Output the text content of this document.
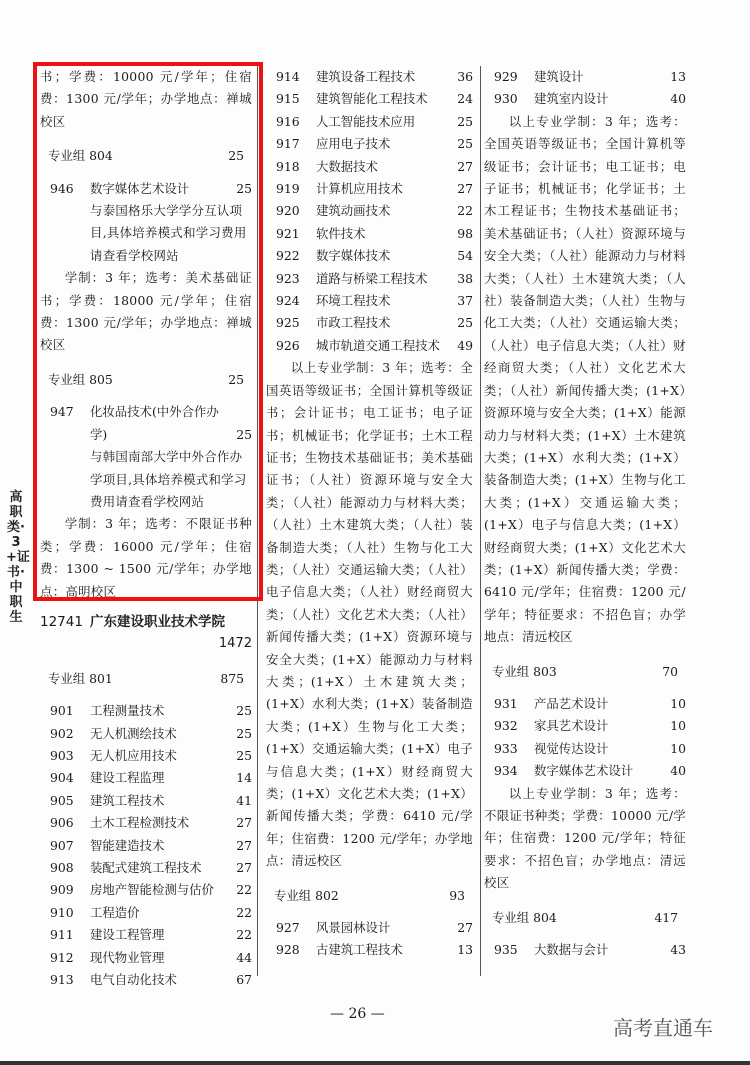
高职类·3+证书·中职生
书；学费：10000 元/学年；住宿费：1300 元/学年；办学地点：禅城校区
专业组 804	25
946	数字媒体艺术设计	25
与泰国格乐大学学分互认项目,具体培养模式和学习费用请查看学校网站
学制：3 年；选考：美术基础证书；学费：18000 元/学年；住宿费：1300 元/学年；办学地点：禅城校区
专业组 805	25
947	化妆品技术(中外合作办学)	25
与韩国南部大学中外合作办学项目,具体培养模式和学习费用请查看学校网站
学制：3 年；选考：不限证书种类；学费：16000 元/学年；住宿费：1300 ~ 1500 元/学年；办学地点：高明校区
12741 广东建设职业技术学院
1472
专业组 801	875
901	工程测量技术	25
902	无人机测绘技术	25
903	无人机应用技术	25
904	建设工程监理	14
905	建筑工程技术	41
906	土木工程检测技术	27
907	智能建造技术	27
908	装配式建筑工程技术	27
909	房地产智能检测与估价	22
910	工程造价	22
911	建设工程管理	22
912	现代物业管理	44
913	电气自动化技术	67
914	建筑设备工程技术	36
915	建筑智能化工程技术	24
916	人工智能技术应用	25
917	应用电子技术	25
918	大数据技术	27
919	计算机应用技术	27
920	建筑动画技术	22
921	软件技术	98
922	数字媒体技术	54
923	道路与桥梁工程技术	38
924	环境工程技术	37
925	市政工程技术	25
926	城市轨道交通工程技术	49
以上专业学制：3 年；选考：全国英语等级证书；全国计算机等级证书；会计证书；电工证书；电子证书；机械证书；化学证书；土木工程证书；生物技术基础证书；美术基础证书；（人社）资源环境与安全大类；（人社）能源动力与材料大类；（人社）土木建筑大类；（人社）装备制造大类；（人社）生物与化工大类；（人社）交通运输大类；（人社）电子信息大类；（人社）财经商贸大类；（人社）文化艺术大类；（人社）新闻传播大类；(1+X）资源环境与安全大类；(1+X）能源动力与材料大类；(1+X）土木建筑大类；(1+X）水利大类；(1+X）装备制造大类；(1+X）生物与化工大类；(1+X）交通运输大类；(1+X）电子与信息大类；(1+X）财经商贸大类；(1+X）文化艺术大类；(1+X）新闻传播大类；学费：6410 元/学年；住宿费：1200 元/学年；办学地点：清远校区
专业组 802	93
927	风景园林设计	27
928	古建筑工程技术	13
929	建筑设计	13
930	建筑室内设计	40
以上专业学制：3 年；选考：全国英语等级证书；全国计算机等级证书；会计证书；电工证书；电子证书；机械证书；化学证书；土木工程证书；生物技术基础证书；美术基础证书；（人社）资源环境与安全大类；（人社）能源动力与材料大类；（人社）土木建筑大类；（人社）装备制造大类；（人社）生物与化工大类；（人社）交通运输大类；（人社）电子信息大类；（人社）财经商贸大类；（人社）文化艺术大类；（人社）新闻传播大类；(1+X）资源环境与安全大类；(1+X）能源动力与材料大类；(1+X）土木建筑大类；(1+X）水利大类；(1+X）装备制造大类；(1+X）生物与化工大类；(1+X）交通运输大类；(1+X）电子与信息大类；(1+X）财经商贸大类；(1+X）文化艺术大类；(1+X）新闻传播大类；学费：6410 元/学年；住宿费：1200 元/学年；特征要求：不招色盲；办学地点：清远校区
专业组 803	70
931	产品艺术设计	10
932	家具艺术设计	10
933	视觉传达设计	10
934	数字媒体艺术设计	40
以上专业学制：3 年；选考：不限证书种类；学费：10000 元/学年；住宿费：1200 元/学年；特征要求：不招色盲；办学地点：清远校区
专业组 804	417
935	大数据与会计	43
— 26 —
高考直通车
